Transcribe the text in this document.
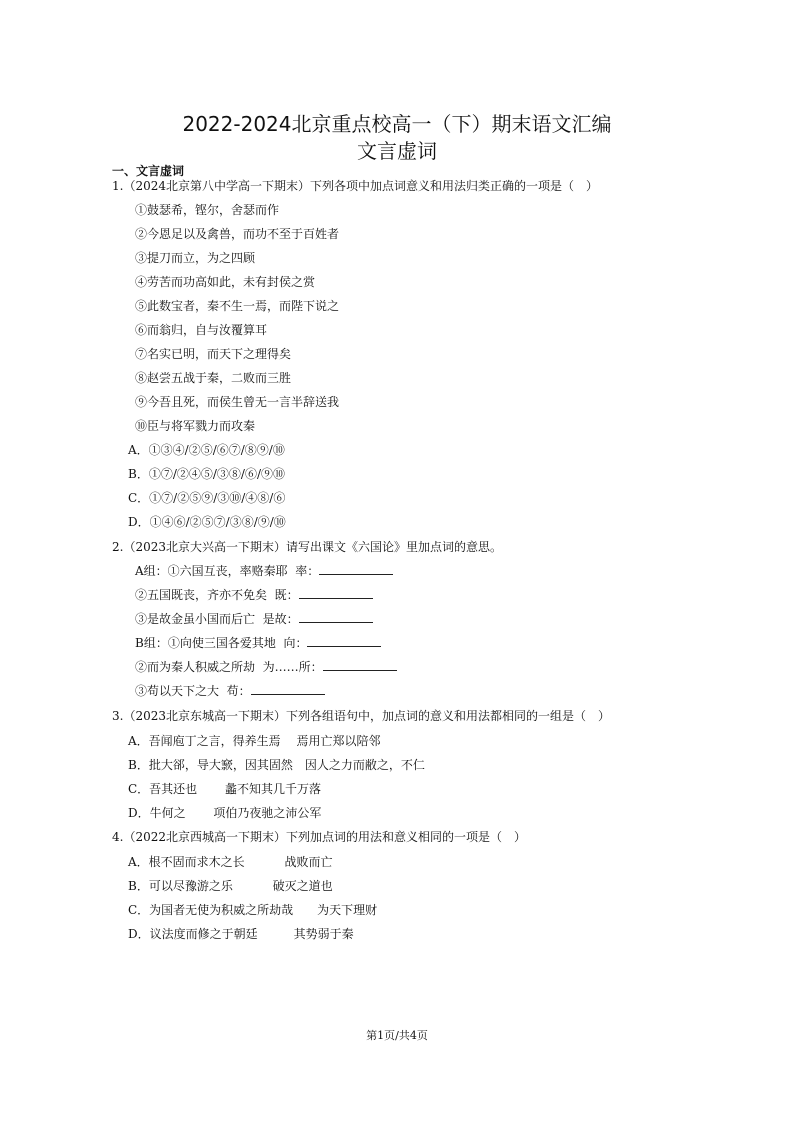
2022-2024北京重点校高一（下）期末语文汇编
文言虚词
一、文言虚词
1.（2024北京第八中学高一下期末）下列各项中加点词意义和用法归类正确的一项是（　）
①鼓瑟希，铿尔，舍瑟而作
②今恩足以及禽兽，而功不至于百姓者
③提刀而立，为之四顾
④劳苦而功高如此，未有封侯之赏
⑤此数宝者，秦不生一焉，而陛下说之
⑥而翁归，自与汝覆算耳
⑦名实已明，而天下之理得矣
⑧赵尝五战于秦，二败而三胜
⑨今吾且死，而侯生曾无一言半辞送我
⑩臣与将军戮力而攻秦
A．①③④/②⑤/⑥⑦/⑧⑨/⑩
B．①⑦/②④⑤/③⑧/⑥/⑨⑩
C．①⑦/②⑤⑨/③⑩/④⑧/⑥
D．①④⑥/②⑤⑦/③⑧/⑨/⑩
2.（2023北京大兴高一下期末）请写出课文《六国论》里加点词的意思。
A组：①六国互丧，率赂秦耶  率：
②五国既丧，齐亦不免矣  既：
③是故金虽小国而后亡  是故：
B组：①向使三国各爱其地  向：
②而为秦人积威之所劫  为……所：
③苟以天下之大  苟：
3.（2023北京东城高一下期末）下列各组语句中，加点词的意义和用法都相同的一组是（　）
A．吾闻庖丁之言，得养生焉　 焉用亡郑以陪邻
B．批大郤，导大窾，因其固然　因人之力而敝之，不仁
C．吾其还也　　 蠡不知其几千万落
D．牛何之　　 项伯乃夜驰之沛公军
4.（2022北京西城高一下期末）下列加点词的用法和意义相同的一项是（　）
A．根不固而求木之长　　　 战败而亡
B．可以尽豫游之乐　　　 破灭之道也
C．为国者无使为积威之所劫哉　　为天下理财
D．议法度而修之于朝廷　　　其势弱于秦
第1页/共4页
